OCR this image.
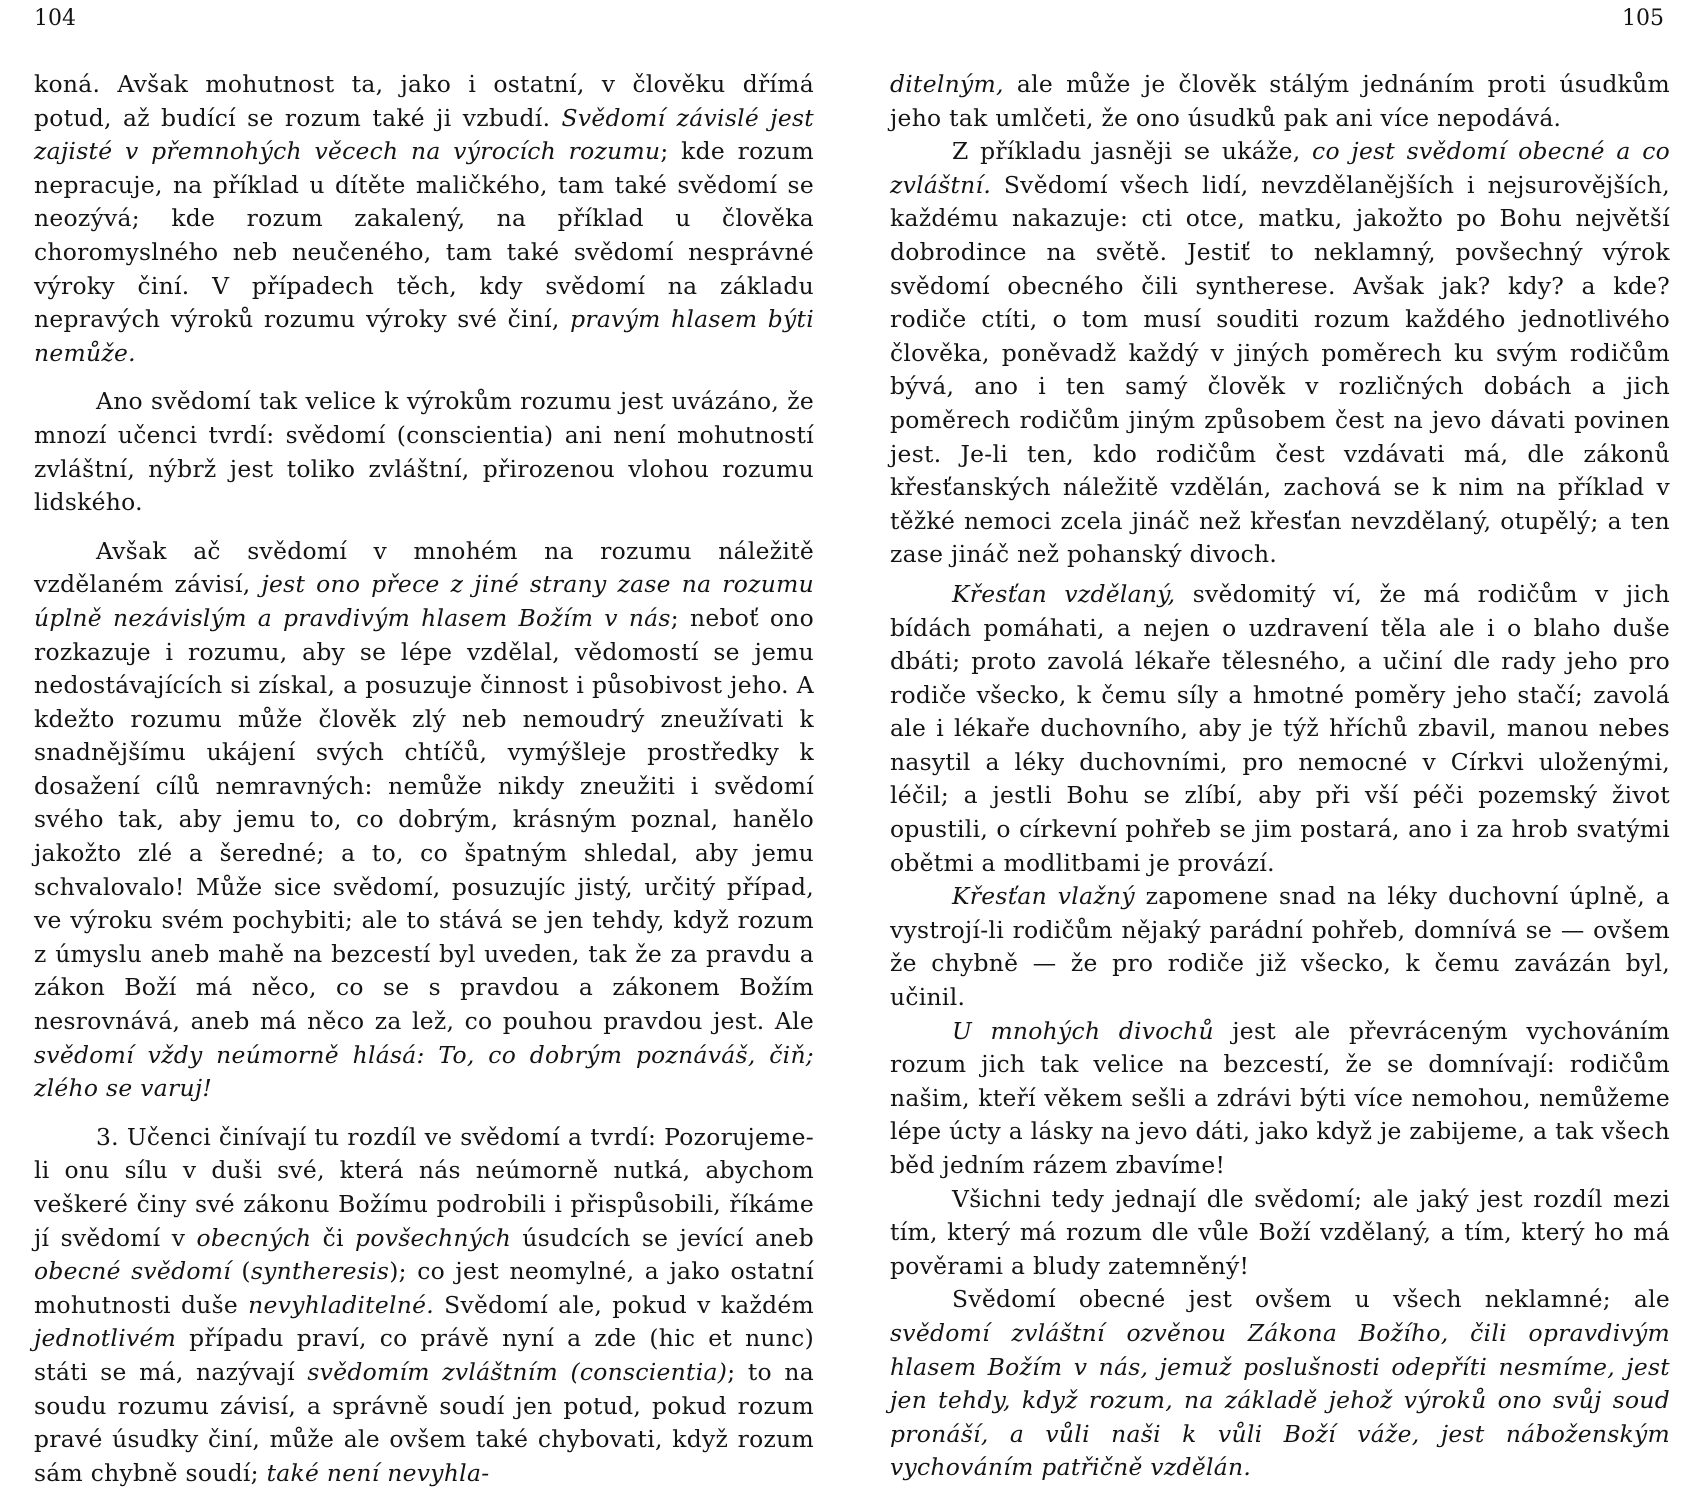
104	105

koná. Avšak mohutnost ta, jako i ostatní, v člověku dřímá potud, až budící se rozum také ji vzbudí. Svědomí závislé jest zajisté v přemnohých věcech na výrocích rozumu; kde rozum nepracuje, na příklad u dítěte maličkého, tam také svědomí se neozývá; kde rozum zakalený, na příklad u člověka choromyslného neb neučeného, tam také svědomí nesprávné výroky činí. V případech těch, kdy svědomí na základu nepravých výroků rozumu výroky své činí, pravým hlasem býti nemůže.

Ano svědomí tak velice k výrokům rozumu jest uvázáno, že mnozí učenci tvrdí: svědomí (conscientia) ani není mohutností zvláštní, nýbrž jest toliko zvláštní, přirozenou vlohou rozumu lidského.

Avšak ač svědomí v mnohém na rozumu náležitě vzdělaném závisí, jest ono přece z jiné strany zase na rozumu úplně nezávislým a pravdivým hlasem Božím v nás; neboť ono rozkazuje i rozumu, aby se lépe vzdělal, vědomostí se jemu nedostávajících si získal, a posuzuje činnost i působivost jeho. A kdežto rozumu může člověk zlý neb nemoudrý zneužívati k snadnějšímu ukájení svých chtíčů, vymýšleje prostředky k dosažení cílů nemravných: nemůže nikdy zneužiti i svědomí svého tak, aby jemu to, co dobrým, krásným poznal, hanělo jakožto zlé a šeredné; a to, co špatným shledal, aby jemu schvalovalo! Může sice svědomí, posuzujíc jistý, určitý případ, ve výroku svém pochybiti; ale to stává se jen tehdy, když rozum z úmyslu aneb mahě na bezcestí byl uveden, tak že za pravdu a zákon Boží má něco, co se s pravdou a zákonem Božím nesrovnává, aneb má něco za lež, co pouhou pravdou jest. Ale svědomí vždy neúmorně hlásá: To, co dobrým poznáváš, čiň; zlého se varuj!

3. Učenci činívají tu rozdíl ve svědomí a tvrdí: Pozorujeme-li onu sílu v duši své, která nás neúmorně nutká, abychom veškeré činy své zákonu Božímu podrobili i přispůsobili, říkáme jí svědomí v obecných či povšechných úsudcích se jevící aneb obecné svědomí (syntheresis); co jest neomylné, a jako ostatní mohutnosti duše nevyhladitelné. Svědomí ale, pokud v každém jednotlivém případu praví, co právě nyní a zde (hic et nunc) státi se má, nazývají svědomím zvláštním (conscientia); to na soudu rozumu závisí, a správně soudí jen potud, pokud rozum pravé úsudky činí, může ale ovšem také chybovati, když rozum sám chybně soudí; také není nevyhla-

ditelným, ale může je člověk stálým jednáním proti úsudkům jeho tak umlčeti, že ono úsudků pak ani více nepodává.

Z příkladu jasněji se ukáže, co jest svědomí obecné a co zvláštní. Svědomí všech lidí, nevzdělanějších i nejsurovějších, každému nakazuje: cti otce, matku, jakožto po Bohu největší dobrodince na světě. Jestiť to neklamný, povšechný výrok svědomí obecného čili syntherese. Avšak jak? kdy? a kde? rodiče ctíti, o tom musí souditi rozum každého jednotlivého člověka, poněvadž každý v jiných poměrech ku svým rodičům bývá, ano i ten samý člověk v rozličných dobách a jich poměrech rodičům jiným způsobem čest na jevo dávati povinen jest. Je-li ten, kdo rodičům čest vzdávati má, dle zákonů křesťanských náležitě vzdělán, zachová se k nim na příklad v těžké nemoci zcela jináč než křesťan nevzdělaný, otupělý; a ten zase jináč než pohanský divoch.

Křesťan vzdělaný, svědomitý ví, že má rodičům v jich bídách pomáhati, a nejen o uzdravení těla ale i o blaho duše dbáti; proto zavolá lékaře tělesného, a učiní dle rady jeho pro rodiče všecko, k čemu síly a hmotné poměry jeho stačí; zavolá ale i lékaře duchovního, aby je týž hříchů zbavil, manou nebes nasytil a léky duchovními, pro nemocné v Církvi uloženými, léčil; a jestli Bohu se zlíbí, aby při vší péči pozemský život opustili, o církevní pohřeb se jim postará, ano i za hrob svatými obětmi a modlitbami je provází.

Křesťan vlažný zapomene snad na léky duchovní úplně, a vystrojí-li rodičům nějaký parádní pohřeb, domnívá se — ovšem že chybně — že pro rodiče již všecko, k čemu zavázán byl, učinil.

U mnohých divochů jest ale převráceným vychováním rozum jich tak velice na bezcestí, že se domnívají: rodičům našim, kteří věkem sešli a zdrávi býti více nemohou, nemůžeme lépe úcty a lásky na jevo dáti, jako když je zabijeme, a tak všech běd jedním rázem zbavíme!

Všichni tedy jednají dle svědomí; ale jaký jest rozdíl mezi tím, který má rozum dle vůle Boží vzdělaný, a tím, který ho má pověrami a bludy zatemněný!

Svědomí obecné jest ovšem u všech neklamné; ale svědomí zvláštní ozvěnou Zákona Božího, čili opravdivým hlasem Božím v nás, jemuž poslušnosti odepříti nesmíme, jest jen tehdy, když rozum, na základě jehož výroků ono svůj soud pronáší, a vůli naši k vůli Boží váže, jest náboženským vychováním patřičně vzdělán.
